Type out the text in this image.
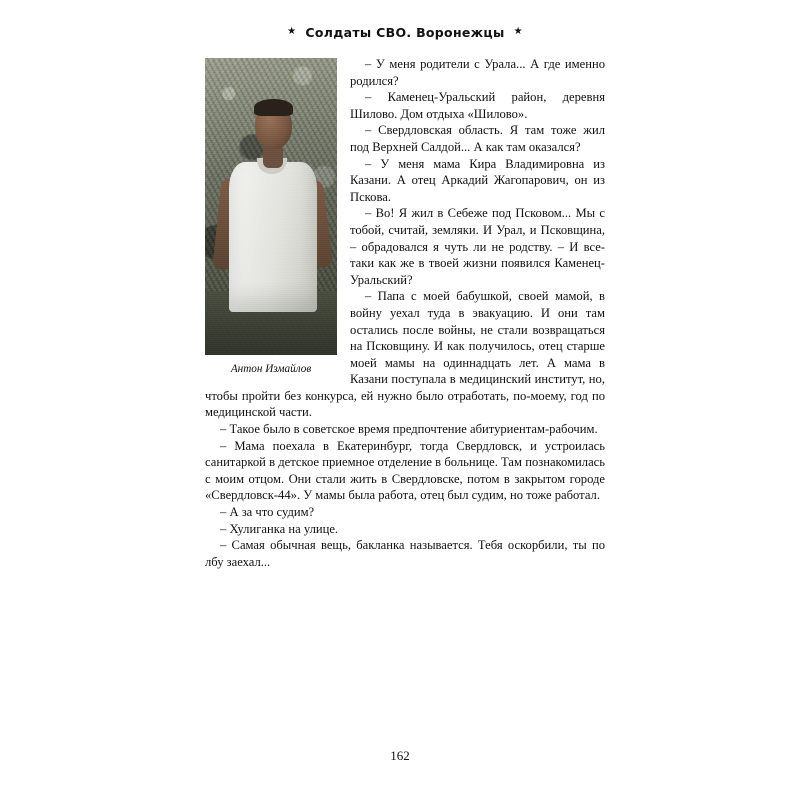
★ Солдаты СВО. Воронежцы ★
Антон Измайлов

– У меня родители с Урала... А где именно родился?

– Каменец-Уральский район, деревня Шилово. Дом отдыха «Шилово».

– Свердловская область. Я там тоже жил под Верхней Салдой... А как там оказался?

– У меня мама Кира Владимировна из Казани. А отец Аркадий Жагопарович, он из Пскова.

– Во! Я жил в Себеже под Псковом... Мы с тобой, считай, земляки. И Урал, и Псковщина, – обрадовался я чуть ли не родству. – И все-таки как же в твоей жизни появился Каменец-Уральский?

– Папа с моей бабушкой, своей мамой, в войну уехал туда в эвакуацию. И они там остались после войны, не стали возвращаться на Псковщину. И как получилось, отец старше моей мамы на одиннадцать лет. А мама в Казани поступала в медицинский институт, но, чтобы пройти без конкурса, ей нужно было отработать, по-моему, год по медицинской части.

– Такое было в советское время предпочтение абитуриентам-рабочим.

– Мама поехала в Екатеринбург, тогда Свердловск, и устроилась санитаркой в детское приемное отделение в больнице. Там познакомилась с моим отцом. Они стали жить в Свердловске, потом в закрытом городе «Свердловск-44». У мамы была работа, отец был судим, но тоже работал.

– А за что судим?

– Хулиганка на улице.

– Самая обычная вещь, бакланка называется. Тебя оскорбили, ты по лбу заехал...

162
